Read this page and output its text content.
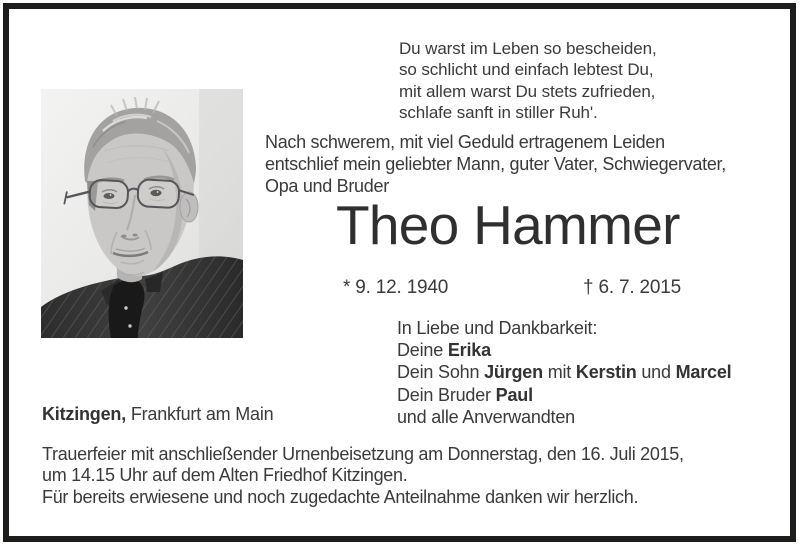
Du warst im Leben so bescheiden,
so schlicht und einfach lebtest Du,
mit allem warst Du stets zufrieden,
schlafe sanft in stiller Ruh'.
Nach schwerem, mit viel Geduld ertragenem Leiden
entschlief mein geliebter Mann, guter Vater, Schwiegervater,
Opa und Bruder
Theo Hammer
* 9. 12. 1940	† 6. 7. 2015
In Liebe und Dankbarkeit:
Deine Erika
Dein Sohn Jürgen mit Kerstin und Marcel
Dein Bruder Paul
und alle Anverwandten
Kitzingen, Frankfurt am Main
Trauerfeier mit anschließender Urnenbeisetzung am Donnerstag, den 16. Juli 2015,
um 14.15 Uhr auf dem Alten Friedhof Kitzingen.
Für bereits erwiesene und noch zugedachte Anteilnahme danken wir herzlich.
